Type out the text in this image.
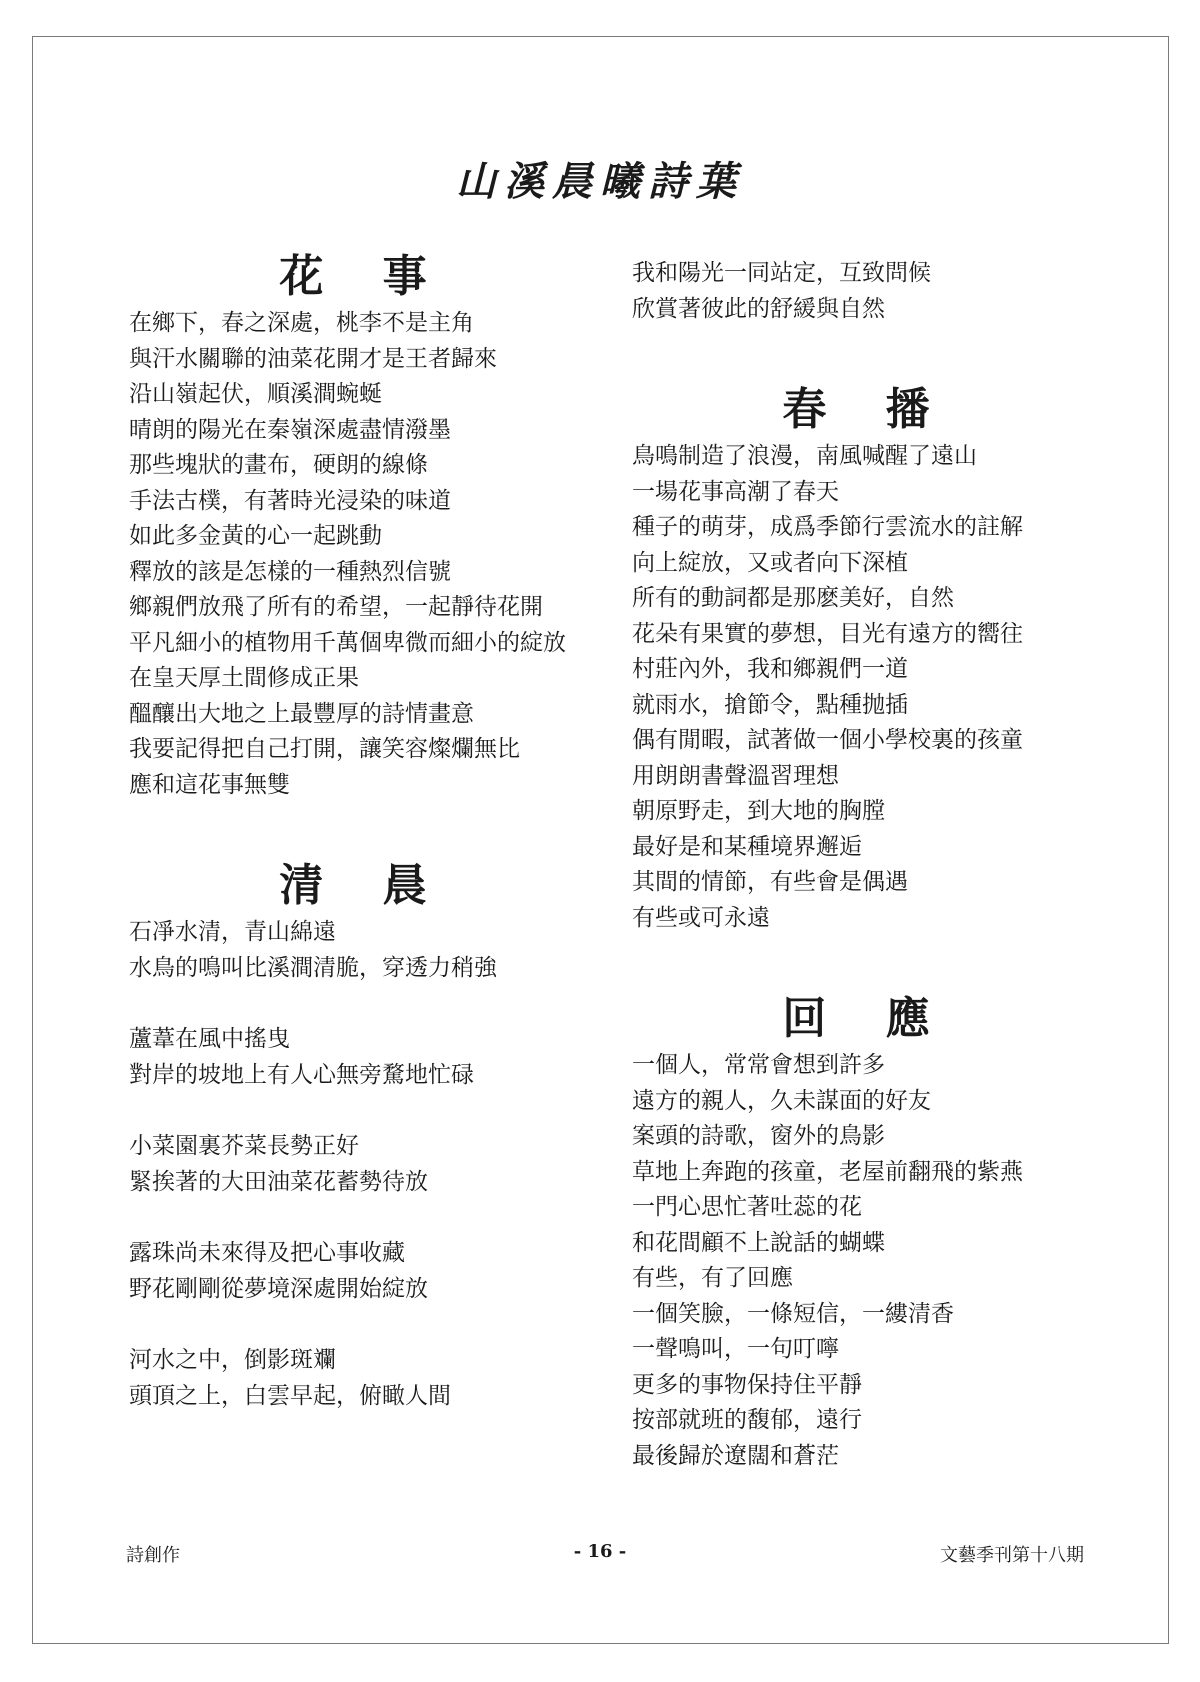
山溪晨曦詩葉
花 事
在鄉下，春之深處，桃李不是主角
與汗水關聯的油菜花開才是王者歸來
沿山嶺起伏，順溪澗蜿蜒
晴朗的陽光在秦嶺深處盡情潑墨
那些塊狀的畫布，硬朗的線條
手法古樸，有著時光浸染的味道
如此多金黃的心一起跳動
釋放的該是怎樣的一種熱烈信號
鄉親們放飛了所有的希望，一起靜待花開
平凡細小的植物用千萬個卑微而細小的綻放
在皇天厚土間修成正果
醞釀出大地之上最豐厚的詩情畫意
我要記得把自己打開，讓笑容燦爛無比
應和這花事無雙
清 晨
石凈水清，青山綿遠
水鳥的鳴叫比溪澗清脆，穿透力稍強
蘆葦在風中搖曳
對岸的坡地上有人心無旁騖地忙碌
小菜園裏芥菜長勢正好
緊挨著的大田油菜花蓄勢待放
露珠尚未來得及把心事收藏
野花剛剛從夢境深處開始綻放
河水之中，倒影斑斕
頭頂之上，白雲早起，俯瞰人間
我和陽光一同站定，互致問候
欣賞著彼此的舒緩與自然
春 播
鳥鳴制造了浪漫，南風喊醒了遠山
一場花事高潮了春天
種子的萌芽，成爲季節行雲流水的註解
向上綻放，又或者向下深植
所有的動詞都是那麽美好，自然
花朵有果實的夢想，目光有遠方的嚮往
村莊內外，我和鄉親們一道
就雨水，搶節令，點種抛插
偶有閒暇，試著做一個小學校裏的孩童
用朗朗書聲溫習理想
朝原野走，到大地的胸膛
最好是和某種境界邂逅
其間的情節，有些會是偶遇
有些或可永遠
回 應
一個人，常常會想到許多
遠方的親人，久未謀面的好友
案頭的詩歌，窗外的鳥影
草地上奔跑的孩童，老屋前翻飛的紫燕
一門心思忙著吐蕊的花
和花間顧不上說話的蝴蝶
有些，有了回應
一個笑臉，一條短信，一縷清香
一聲鳴叫，一句叮嚀
更多的事物保持住平靜
按部就班的馥郁，遠行
最後歸於遼闊和蒼茫
詩創作	- 16 -	文藝季刊第十八期
